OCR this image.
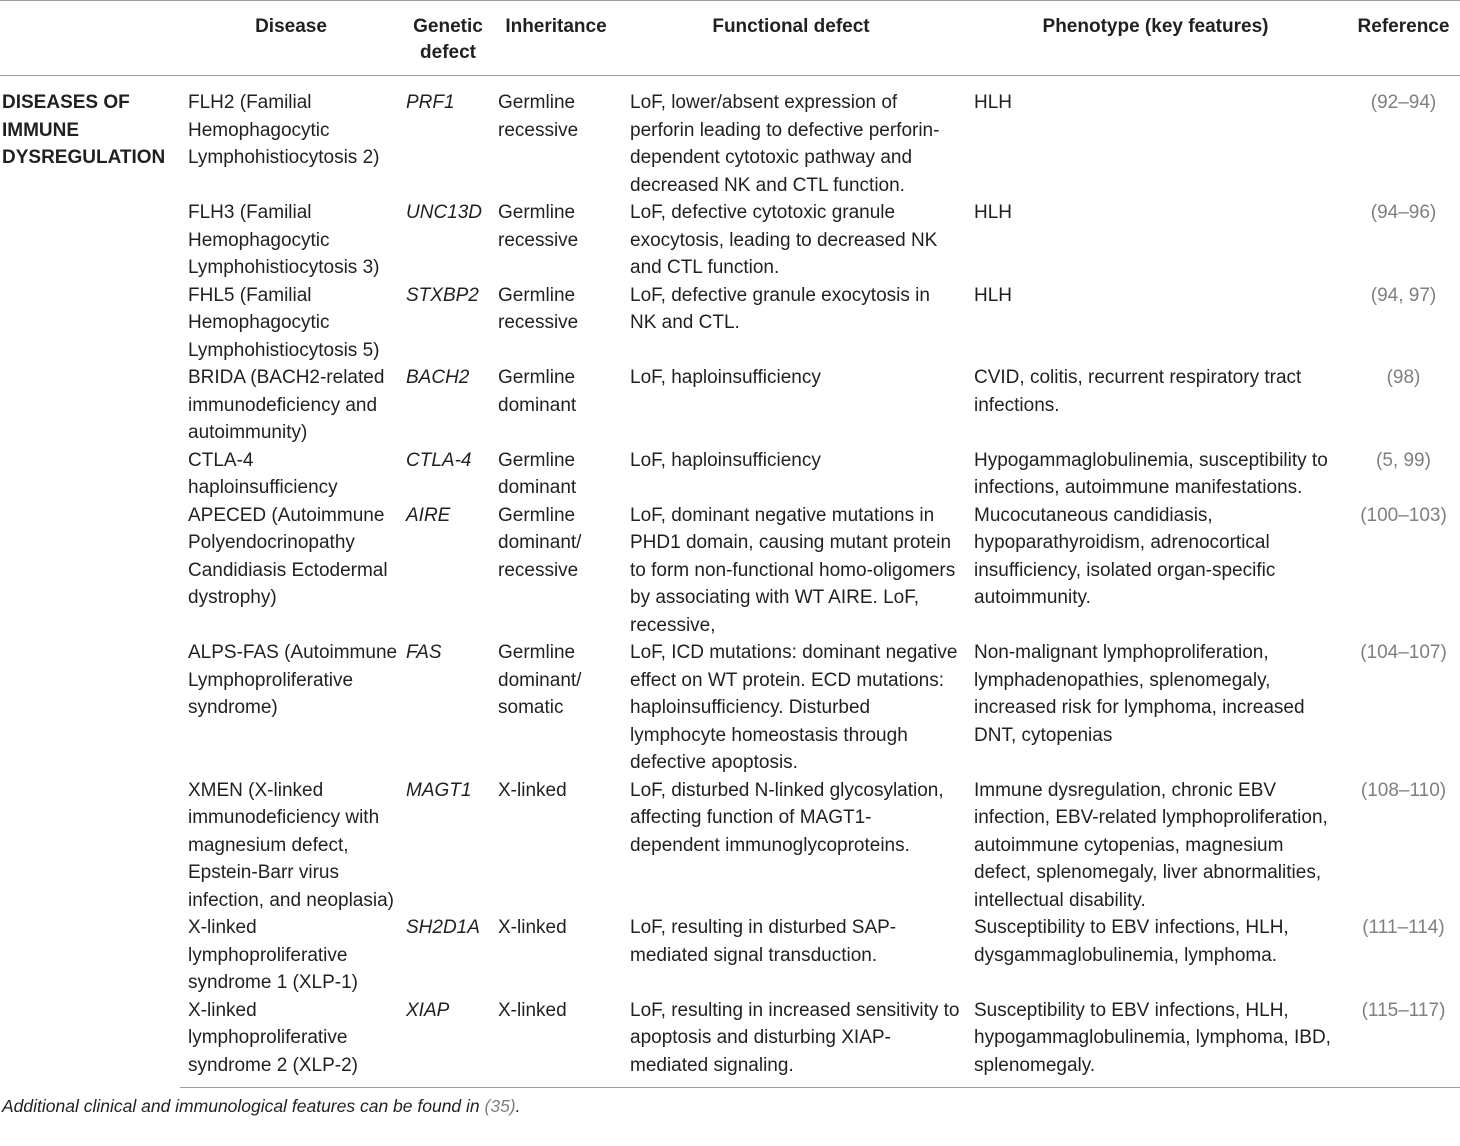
	Disease	Genetic defect	Inheritance	Functional defect	Phenotype (key features)	Reference
DISEASES OF IMMUNE DYSREGULATION	FLH2 (Familial Hemophagocytic Lymphohistiocytosis 2)	PRF1	Germline recessive	LoF, lower/absent expression of perforin leading to defective perforin-dependent cytotoxic pathway and decreased NK and CTL function.	HLH	(92–94)
	FLH3 (Familial Hemophagocytic Lymphohistiocytosis 3)	UNC13D	Germline recessive	LoF, defective cytotoxic granule exocytosis, leading to decreased NK and CTL function.	HLH	(94–96)
	FHL5 (Familial Hemophagocytic Lymphohistiocytosis 5)	STXBP2	Germline recessive	LoF, defective granule exocytosis in NK and CTL.	HLH	(94, 97)
	BRIDA (BACH2-related immunodeficiency and autoimmunity)	BACH2	Germline dominant	LoF, haploinsufficiency	CVID, colitis, recurrent respiratory tract infections.	(98)
	CTLA-4 haploinsufficiency	CTLA-4	Germline dominant	LoF, haploinsufficiency	Hypogammaglobulinemia, susceptibility to infections, autoimmune manifestations.	(5, 99)
	APECED (Autoimmune Polyendocrinopathy Candidiasis Ectodermal dystrophy)	AIRE	Germline dominant/ recessive	LoF, dominant negative mutations in PHD1 domain, causing mutant protein to form non-functional homo-oligomers by associating with WT AIRE. LoF, recessive,	Mucocutaneous candidiasis, hypoparathyroidism, adrenocortical insufficiency, isolated organ-specific autoimmunity.	(100–103)
	ALPS-FAS (Autoimmune Lymphoproliferative syndrome)	FAS	Germline dominant/ somatic	LoF, ICD mutations: dominant negative effect on WT protein. ECD mutations: haploinsufficiency. Disturbed lymphocyte homeostasis through defective apoptosis.	Non-malignant lymphoproliferation, lymphadenopathies, splenomegaly, increased risk for lymphoma, increased DNT, cytopenias	(104–107)
	XMEN (X-linked immunodeficiency with magnesium defect, Epstein-Barr virus infection, and neoplasia)	MAGT1	X-linked	LoF, disturbed N-linked glycosylation, affecting function of MAGT1-dependent immunoglycoproteins.	Immune dysregulation, chronic EBV infection, EBV-related lymphoproliferation, autoimmune cytopenias, magnesium defect, splenomegaly, liver abnormalities, intellectual disability.	(108–110)
	X-linked lymphoproliferative syndrome 1 (XLP-1)	SH2D1A	X-linked	LoF, resulting in disturbed SAP-mediated signal transduction.	Susceptibility to EBV infections, HLH, dysgammaglobulinemia, lymphoma.	(111–114)
	X-linked lymphoproliferative syndrome 2 (XLP-2)	XIAP	X-linked	LoF, resulting in increased sensitivity to apoptosis and disturbing XIAP-mediated signaling.	Susceptibility to EBV infections, HLH, hypogammaglobulinemia, lymphoma, IBD, splenomegaly.	(115–117)
Additional clinical and immunological features can be found in (35).
